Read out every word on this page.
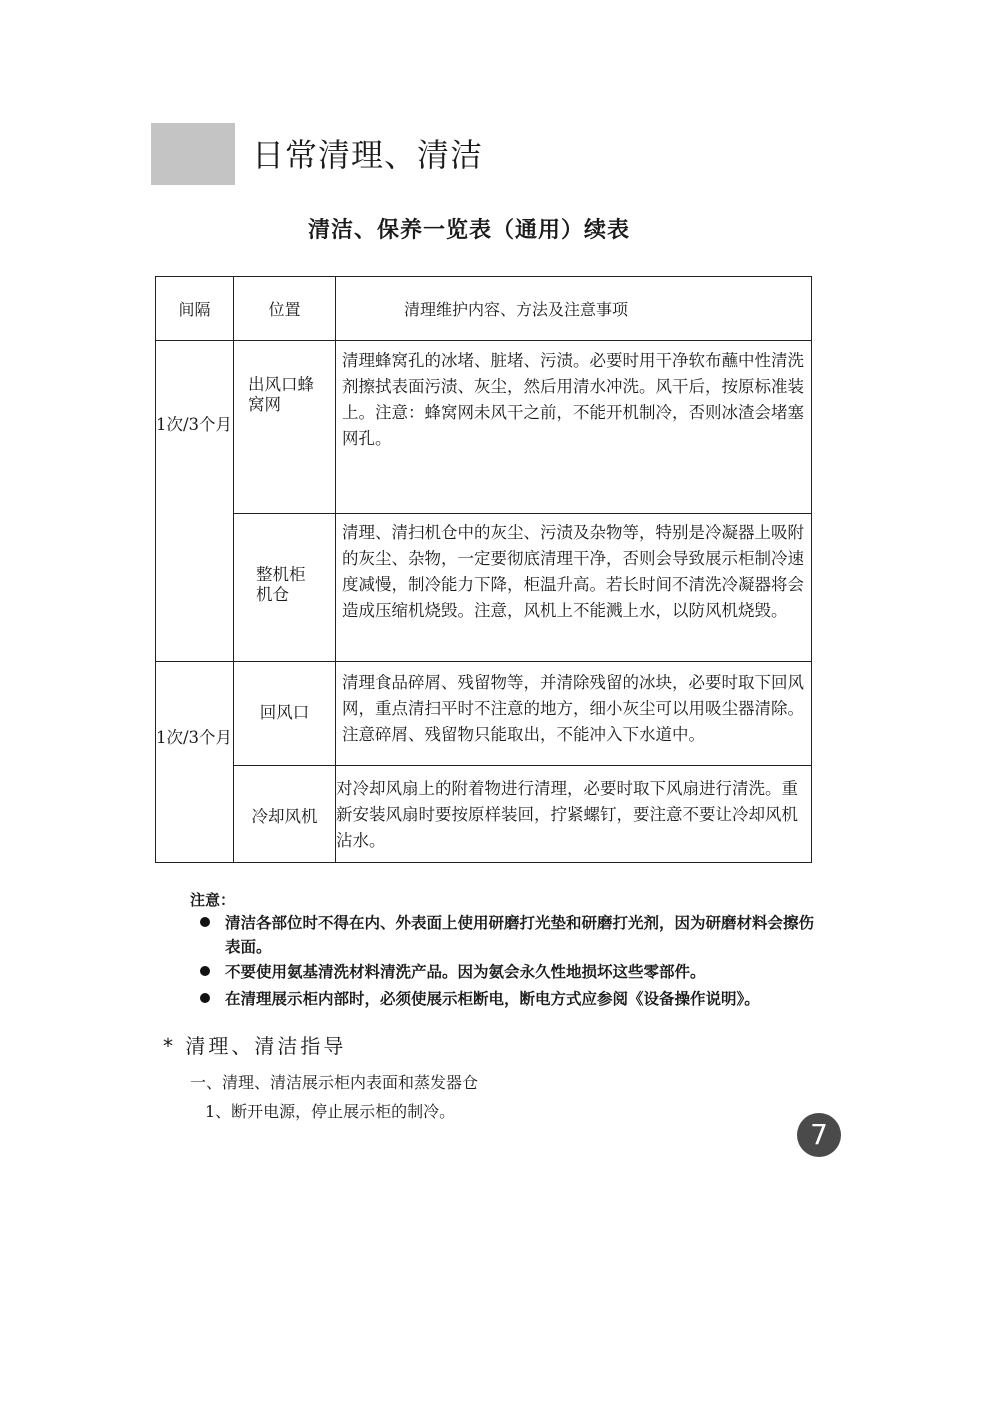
日常清理、清洁
清洁、保养一览表（通用）续表
间隔	位置	清理维护内容、方法及注意事项
1次/3个月
出风口蜂窝网
清理蜂窝孔的冰堵、脏堵、污渍。必要时用干净软布蘸中性清洗剂擦拭表面污渍、灰尘，然后用清水冲洗。风干后，按原标准装上。注意：蜂窝网未风干之前，不能开机制冷，否则冰渣会堵塞网孔。
整机柜机仓
清理、清扫机仓中的灰尘、污渍及杂物等，特别是冷凝器上吸附的灰尘、杂物，一定要彻底清理干净，否则会导致展示柜制冷速度减慢，制冷能力下降，柜温升高。若长时间不清洗冷凝器将会造成压缩机烧毁。注意，风机上不能溅上水，以防风机烧毁。
1次/3个月
回风口
清理食品碎屑、残留物等，并清除残留的冰块，必要时取下回风网，重点清扫平时不注意的地方，细小灰尘可以用吸尘器清除。注意碎屑、残留物只能取出，不能冲入下水道中。
冷却风机
对冷却风扇上的附着物进行清理，必要时取下风扇进行清洗。重新安装风扇时要按原样装回，拧紧螺钉，要注意不要让冷却风机沾水。
注意：
清洁各部位时不得在内、外表面上使用研磨打光垫和研磨打光剂，因为研磨材料会擦伤表面。
不要使用氨基清洗材料清洗产品。因为氨会永久性地损坏这些零部件。
在清理展示柜内部时，必须使展示柜断电，断电方式应参阅《设备操作说明》。
* 清理、清洁指导
一、清理、清洁展示柜内表面和蒸发器仓
1、断开电源，停止展示柜的制冷。
7
